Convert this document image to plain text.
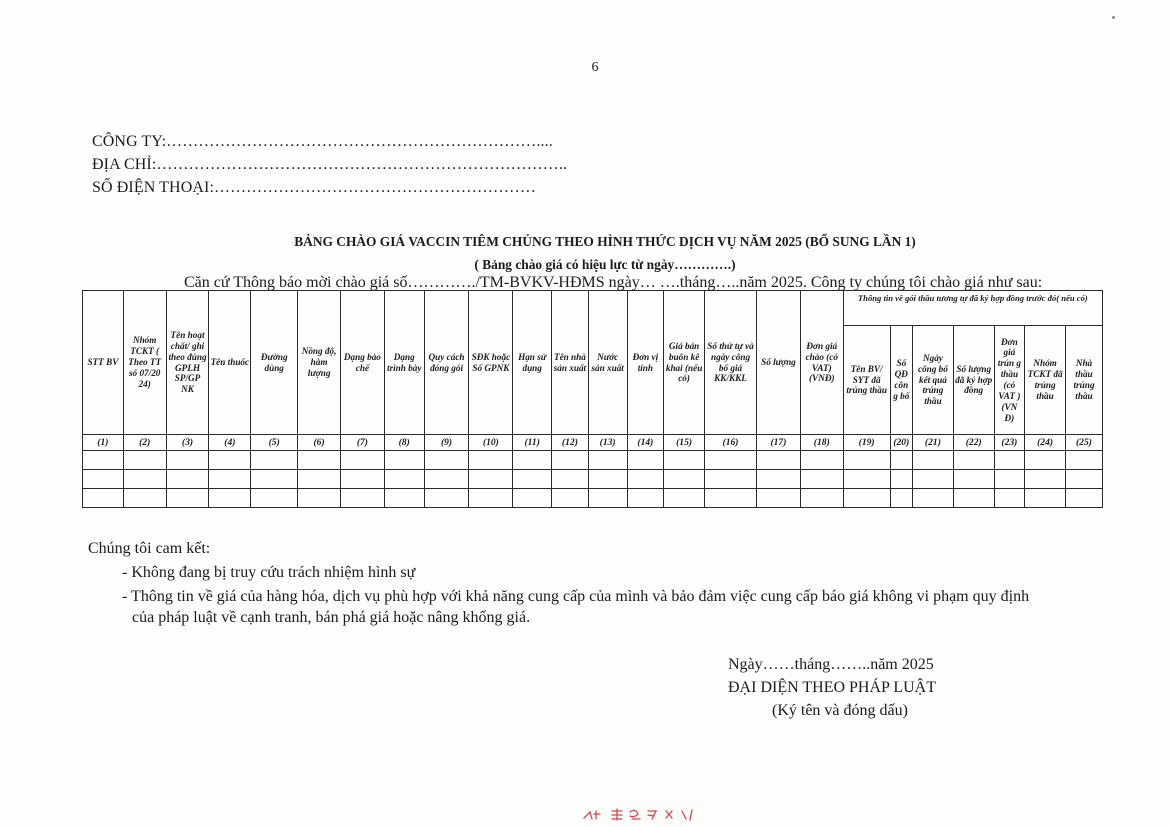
6
CÔNG TY:……………………………………………………………....
ĐỊA CHỈ:…………………………………………………………………..
SỐ ĐIỆN THOẠI:……………………………………………………
BẢNG CHÀO GIÁ VACCIN TIÊM CHỦNG THEO HÌNH THỨC DỊCH VỤ NĂM 2025 (BỔ SUNG LẦN 1)
( Bảng chào giá có hiệu lực từ ngày………….)
Căn cứ Thông báo mời chào giá số…………./TM-BVKV-HĐMS ngày… ….tháng…..năm 2025. Công ty chúng tôi chào giá như sau:
STT BV	Nhóm TCKT ( Theo TT số 07/20 24)	Tên hoạt chất/ ghi theo đúng GPLH SP/GP NK	Tên thuốc	Đường dùng	Nồng độ, hàm lượng	Dạng bào chế	Dạng trình bày	Quy cách đóng gói	SĐK hoặc Số GPNK	Hạn sử dụng	Tên nhà sản xuất	Nước sản xuất	Đơn vị tính	Giá bán buôn kê khai (nếu có)	Số thứ tự và ngày công bố giá KK/KKL	Số lượng	Đơn giá chào (có VAT) (VNĐ)	Thông tin về gói thầu tương tự đã ký hợp đồng trước đó( nếu có)						
																		Tên BV/ SYT đã trúng thầu	Số QĐ côn g bố	Ngày công bố kết quả trúng thầu	Số lượng đã ký hợp đồng	Đơn giá trún g thầu (có VAT ) (VN Đ)	Nhóm TCKT đã trúng thầu	Nhà thầu trúng thầu
(1)	(2)	(3)	(4)	(5)	(6)	(7)	(8)	(9)	(10)	(11)	(12)	(13)	(14)	(15)	(16)	(17)	(18)	(19)	(20)	(21)	(22)	(23)	(24)	(25)

Chúng tôi cam kết:
- Không đang bị truy cứu trách nhiệm hình sự
- Thông tin về giá của hàng hóa, dịch vụ phù hợp với khả năng cung cấp của mình và bảo đảm việc cung cấp báo giá không vi phạm quy định
của pháp luật về cạnh tranh, bán phá giá hoặc nâng khống giá.
Ngày……tháng……..năm 2025
ĐẠI DIỆN THEO PHÁP LUẬT
(Ký tên và đóng dấu)
